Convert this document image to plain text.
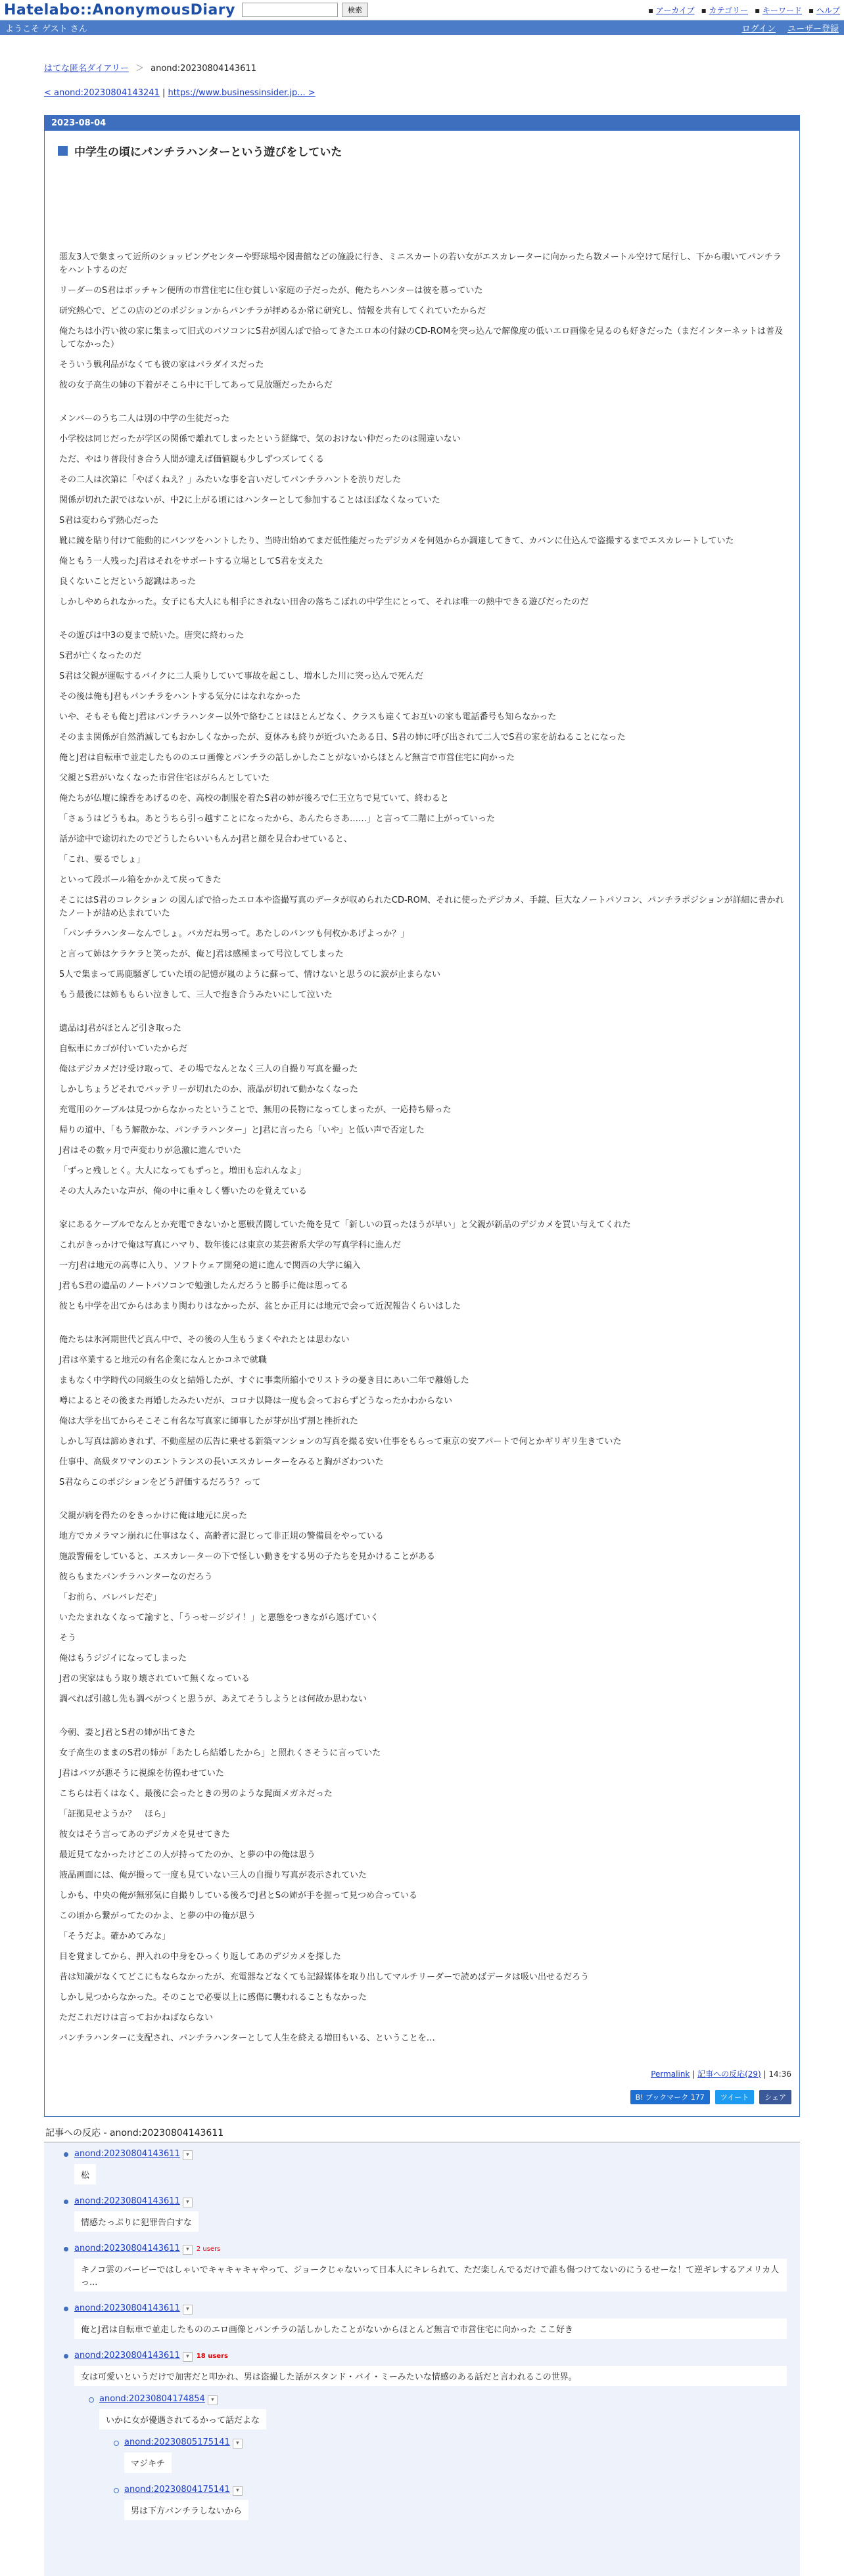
Hatelabo::AnonymousDiary	検索	▪ アーカイブ ▪ カテゴリー ▪ キーワード ▪ ヘルプ
ようこそ ゲスト さん	ログイン ユーザー登録
はてな匿名ダイアリー ＞ anond:20230804143611
< anond:20230804143241 | https://www.businessinsider.jp... >
2023-08-04
中学生の頃にパンチラハンターという遊びをしていた

悪友3人で集まって近所のショッピングセンターや野球場や図書館などの施設に行き、ミニスカートの若い女がエスカレーターに向かったら数メートル空けて尾行し、下から覗いてパンチラをハントするのだ

リーダーのS君はボッチャン便所の市営住宅に住む貧しい家庭の子だったが、俺たちハンターは彼を慕っていた

研究熱心で、どこの店のどのポジションからパンチラが拝めるか常に研究し、情報を共有してくれていたからだ

俺たちは小汚い彼の家に集まって旧式のパソコンにS君が図んぼで拾ってきたエロ本の付録のCD-ROMを突っ込んで解像度の低いエロ画像を見るのも好きだった（まだインターネットは普及してなかった）

そういう戦利品がなくても彼の家はパラダイスだった

彼の女子高生の姉の下着がそこら中に干してあって見放題だったからだ

メンバーのうち二人は別の中学の生徒だった

小学校は同じだったが学区の関係で離れてしまったという経緯で、気のおけない仲だったのは間違いない

ただ、やはり普段付き合う人間が違えば価値観も少しずつズレてくる

その二人は次第に「やばくねえ？」みたいな事を言いだしてパンチラハントを渋りだした

関係が切れた訳ではないが、中2に上がる頃にはハンターとして参加することはほぼなくなっていた

S君は変わらず熱心だった

靴に鏡を貼り付けて能動的にパンツをハントしたり、当時出始めてまだ低性能だったデジカメを何処からか調達してきて、カバンに仕込んで盗撮するまでエスカレートしていた

俺ともう一人残ったJ君はそれをサポートする立場としてS君を支えた

良くないことだという認識はあった

しかしやめられなかった。女子にも大人にも相手にされない田舎の落ちこぼれの中学生にとって、それは唯一の熱中できる遊びだったのだ

その遊びは中3の夏まで続いた。唐突に終わった

S君が亡くなったのだ

S君は父親が運転するバイクに二人乗りしていて事故を起こし、増水した川に突っ込んで死んだ

その後は俺もJ君もパンチラをハントする気分にはなれなかった

いや、そもそも俺とJ君はパンチラハンター以外で絡むことはほとんどなく、クラスも違くてお互いの家も電話番号も知らなかった

そのまま関係が自然消滅してもおかしくなかったが、夏休みも終りが近づいたある日、S君の姉に呼び出されて二人でS君の家を訪ねることになった

俺とJ君は自転車で並走したもののエロ画像とパンチラの話しかしたことがないからほとんど無言で市営住宅に向かった

父親とS君がいなくなった市営住宅はがらんとしていた

俺たちが仏壇に線香をあげるのを、高校の制服を着たS君の姉が後ろで仁王立ちで見ていて、終わると

「さぁうはどうもね。あとうちら引っ越すことになったから、あんたらさあ……」と言って二階に上がっていった

話が途中で途切れたのでどうしたらいいもんかJ君と顔を見合わせていると、

「これ、要るでしょ」

といって段ボール箱をかかえて戻ってきた

そこにはS君のコレクション の図んぼで拾ったエロ本や盗撮写真のデータが収められたCD-ROM、それに使ったデジカメ、手鏡、巨大なノートパソコン、パンチラポジションが詳細に書かれたノートが詰め込まれていた

「パンチラハンターなんでしょ。バカだね男って。あたしのパンツも何枚かあげよっか？」

と言って姉はケラケラと笑ったが、俺とJ君は感極まって号泣してしまった

5人で集まって馬鹿騒ぎしていた頃の記憶が嵐のように蘇って、情けないと思うのに涙が止まらない

もう最後には姉ももらい泣きして、三人で抱き合うみたいにして泣いた

遺品はJ君がほとんど引き取った

自転車にカゴが付いていたからだ

俺はデジカメだけ受け取って、その場でなんとなく三人の自撮り写真を撮った

しかしちょうどそれでバッテリーが切れたのか、液晶が切れて動かなくなった

充電用のケーブルは見つからなかったということで、無用の長物になってしまったが、一応持ち帰った

帰りの道中、「もう解散かな、パンチラハンター」とJ君に言ったら「いや」と低い声で否定した

J君はその数ヶ月で声変わりが急激に進んでいた

「ずっと残しとく。大人になってもずっと。増田も忘れんなよ」

その大人みたいな声が、俺の中に重々しく響いたのを覚えている

家にあるケーブルでなんとか充電できないかと悪戦苦闘していた俺を見て「新しいの買ったほうが早い」と父親が新品のデジカメを買い与えてくれた

これがきっかけで俺は写真にハマり、数年後には東京の某芸術系大学の写真学科に進んだ

一方J君は地元の高専に入り、ソフトウェア開発の道に進んで関西の大学に編入

J君もS君の遺品のノートパソコンで勉強したんだろうと勝手に俺は思ってる

彼とも中学を出てからはあまり関わりはなかったが、盆とか正月には地元で会って近況報告くらいはした

俺たちは氷河期世代ど真ん中で、その後の人生もうまくやれたとは思わない

J君は卒業すると地元の有名企業になんとかコネで就職

まもなく中学時代の同級生の女と結婚したが、すぐに事業所縮小でリストラの憂き目にあい二年で離婚した

噂によるとその後また再婚したみたいだが、コロナ以降は一度も会っておらずどうなったかわからない

俺は大学を出てからそこそこ有名な写真家に師事したが芽が出ず割と挫折れた

しかし写真は諦めきれず、不動産屋の広告に乗せる新築マンションの写真を撮る安い仕事をもらって東京の安アパートで何とかギリギリ生きていた

仕事中、高級タワマンのエントランスの長いエスカレーターをみると胸がざわついた

S君ならこのポジションをどう評価するだろう？って

父親が病を得たのをきっかけに俺は地元に戻った

地方でカメラマン崩れに仕事はなく、高齢者に混じって非正規の警備員をやっている

施設警備をしていると、エスカレーターの下で怪しい動きをする男の子たちを見かけることがある

彼らもまたパンチラハンターなのだろう

「お前ら、バレバレだぞ」

いたたまれなくなって諭すと、「うっせージジイ！」と悪態をつきながら逃げていく

そう

俺はもうジジイになってしまった

J君の実家はもう取り壊されていて無くなっている

調べれば引越し先も調べがつくと思うが、あえてそうしようとは何故か思わない

今朝、妻とJ君とS君の姉が出てきた

女子高生のままのS君の姉が「あたしら結婚したから」と照れくさそうに言っていた

J君はバツが悪そうに視線を彷徨わせていた

こちらは若くはなく、最後に会ったときの男のような髭面メガネだった

「証拠見せようか？　ほら」

彼女はそう言ってあのデジカメを見せてきた

最近見てなかったけどこの人が持ってたのか、と夢の中の俺は思う

液晶画面には、俺が撮って一度も見ていない三人の自撮り写真が表示されていた

しかも、中央の俺が無邪気に自撮りしている後ろでJ君とSの姉が手を握って見つめ合っている

この頃から繋がってたのかよ、と夢の中の俺が思う

「そうだよ。確かめてみな」

目を覚ましてから、押入れの中身をひっくり返してあのデジカメを探した

昔は知識がなくてどこにもならなかったが、充電器などなくても記録媒体を取り出してマルチリーダーで読めばデータは吸い出せるだろう

しかし見つからなかった。そのことで必要以上に感傷に襲われることもなかった

ただこれだけは言っておかねばならない

パンチラハンターに支配され、パンチラハンターとして人生を終える増田もいる、ということを…

Permalink | 記事への反応(29) | 14:36
B! ブックマーク 177	ツイート	シェア
記事への反応 - anond:20230804143611
anond:20230804143611 ▾
松
anond:20230804143611 ▾
情感たっぷりに犯罪告白すな
anond:20230804143611 ▾ 2 users
キノコ雲のバービーではしゃいでキャキャキャやって、ジョークじゃないって日本人にキレられて、ただ楽しんでるだけで誰も傷つけてないのにうるせーな！て逆ギレするアメリカ人っ...
anond:20230804143611 ▾
俺とJ君は自転車で並走したもののエロ画像とパンチラの話しかしたことがないからほとんど無言で市営住宅に向かった ここ好き
anond:20230804143611 ▾ 18 users
女は可愛いというだけで加害だと叩かれ、男は盗撮した話がスタンド・バイ・ミーみたいな情感のある話だと言われるこの世界。
anond:20230804174854 ▾
いかに女が優遇されてるかって話だよな
anond:20230805175141 ▾
マジキチ
anond:20230804175141 ▾
男は下方パンチラしないから
